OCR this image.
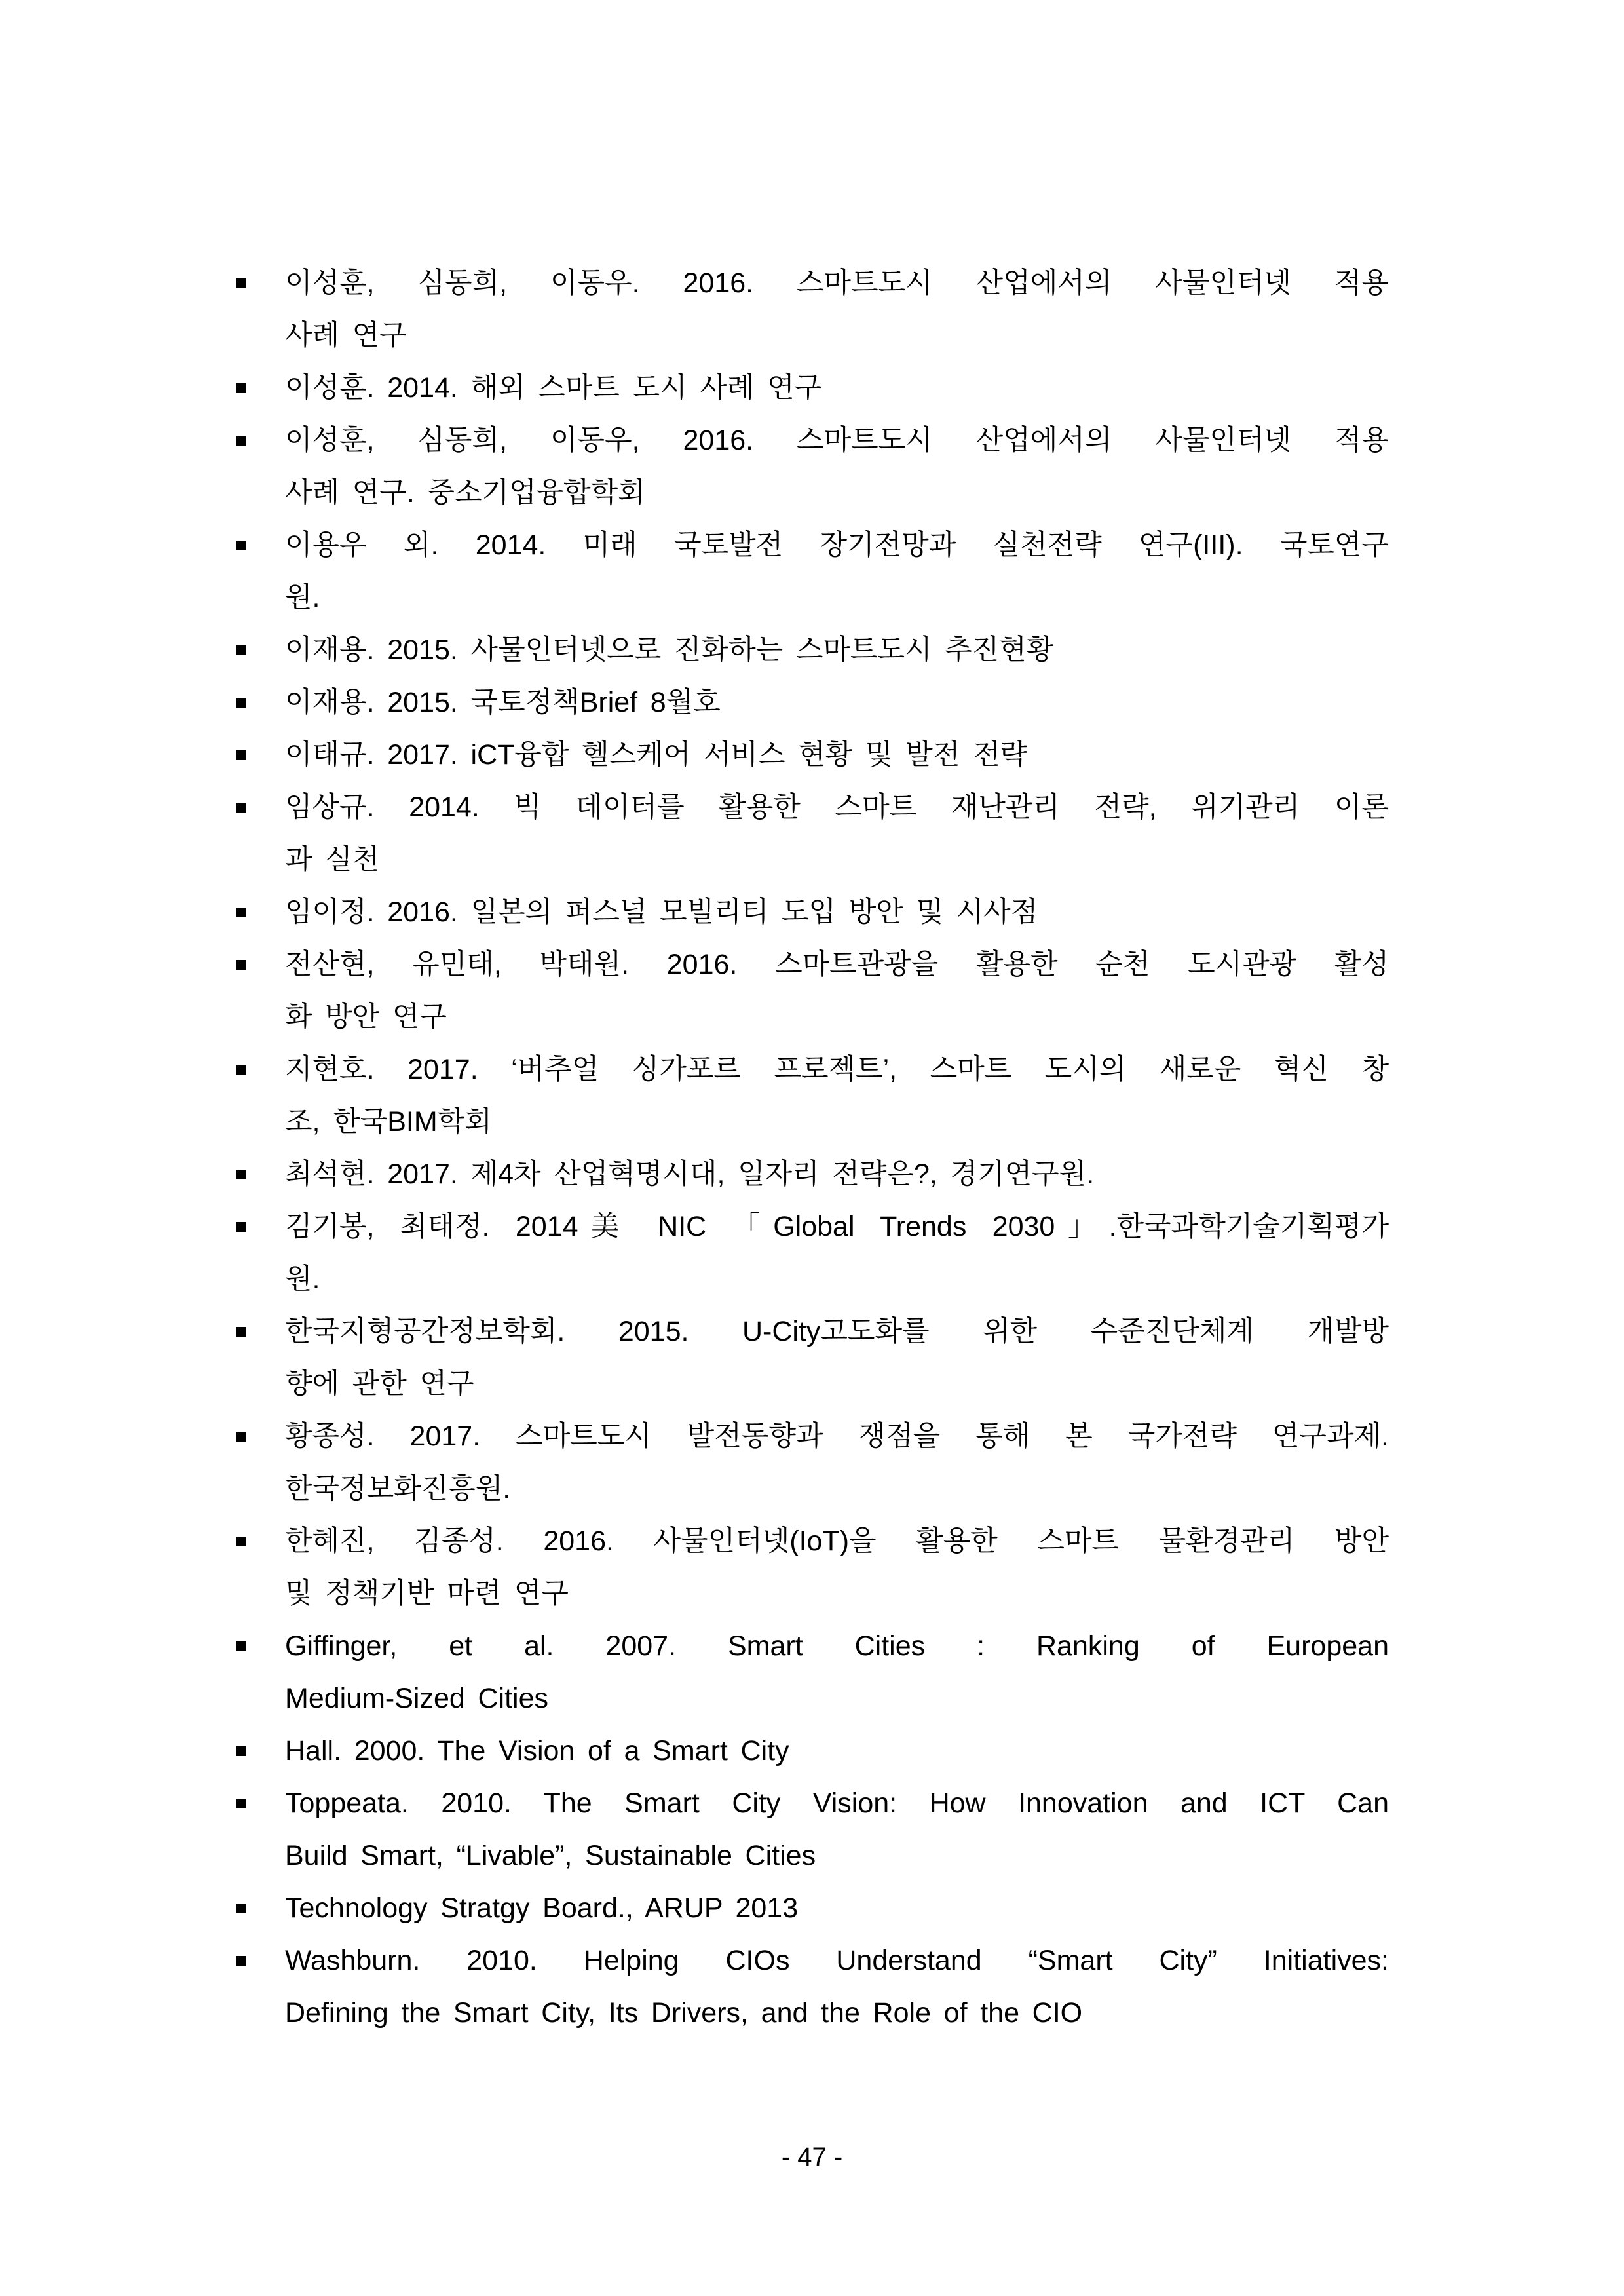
이성훈, 심동희, 이동우. 2016. 스마트도시 산업에서의 사물인터넷 적용
사례 연구
이성훈. 2014. 해외 스마트 도시 사례 연구
이성훈, 심동희, 이동우, 2016. 스마트도시 산업에서의 사물인터넷 적용
사례 연구. 중소기업융합학회
이용우 외. 2014. 미래 국토발전 장기전망과 실천전략 연구(III). 국토연구
원.
이재용. 2015. 사물인터넷으로 진화하는 스마트도시 추진현황
이재용. 2015. 국토정책Brief 8월호
이태규. 2017. iCT융합 헬스케어 서비스 현황 및 발전 전략
임상규. 2014. 빅 데이터를 활용한 스마트 재난관리 전략, 위기관리 이론
과 실천
임이정. 2016. 일본의 퍼스널 모빌리티 도입 방안 및 시사점
전산현, 유민태, 박태원. 2016. 스마트관광을 활용한 순천 도시관광 활성
화 방안 연구
지현호. 2017. ‘버추얼 싱가포르 프로젝트’, 스마트 도시의 새로운 혁신 창
조, 한국BIM학회
최석현. 2017. 제4차 산업혁명시대, 일자리 전략은?, 경기연구원.
김기봉, 최태정. 2014美 NIC 「Global Trends 2030」.한국과학기술기획평가
원.
한국지형공간정보학회. 2015. U-City고도화를 위한 수준진단체계 개발방
향에 관한 연구
황종성. 2017. 스마트도시 발전동향과 쟁점을 통해 본 국가전략 연구과제.
한국정보화진흥원.
한혜진, 김종성. 2016. 사물인터넷(IoT)을 활용한 스마트 물환경관리 방안
및 정책기반 마련 연구
Giffinger, et al. 2007. Smart Cities : Ranking of European
Medium-Sized Cities
Hall. 2000. The Vision of a Smart City
Toppeata. 2010. The Smart City Vision: How Innovation and ICT Can
Build Smart, “Livable”, Sustainable Cities
Technology Stratgy Board., ARUP 2013
Washburn. 2010. Helping CIOs Understand “Smart City” Initiatives:
Defining the Smart City, Its Drivers, and the Role of the CIO
- 47 -
